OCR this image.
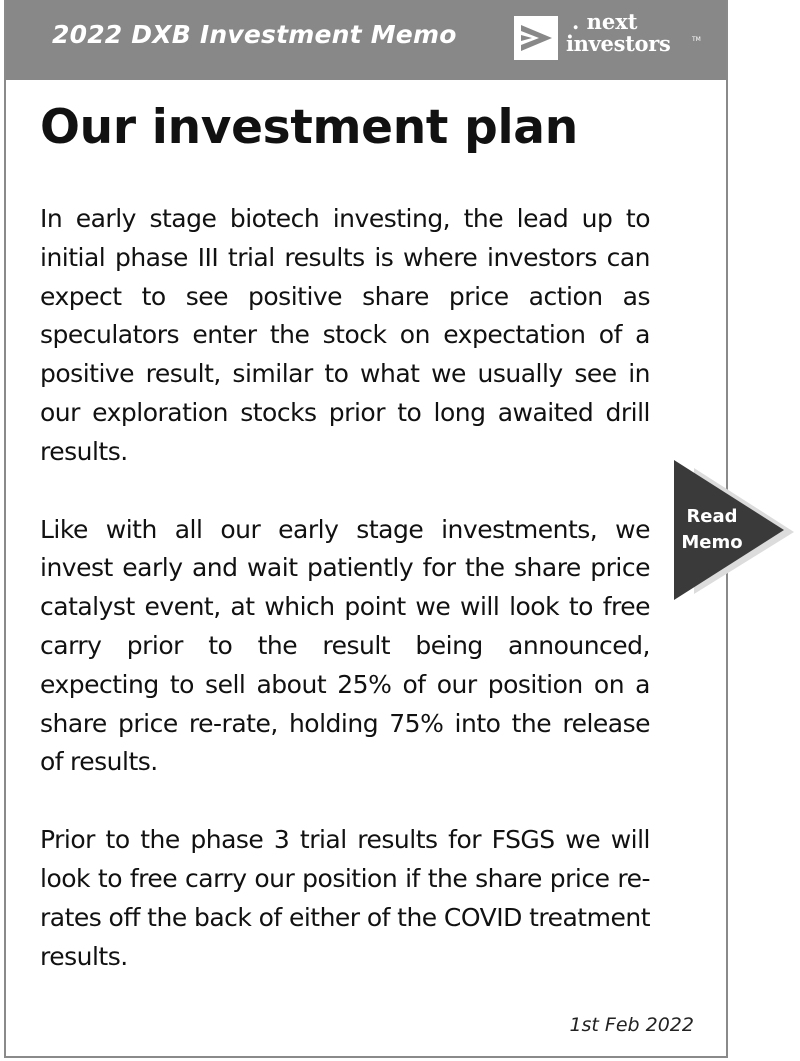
2022 DXB Investment Memo	. next
investors	TM
Our investment plan

In early stage biotech investing, the lead up to initial phase III trial results is where investors can expect to see positive share price action as speculators enter the stock on expectation of a positive result, similar to what we usually see in our exploration stocks prior to long awaited drill results.

Like with all our early stage investments, we invest early and wait patiently for the share price catalyst event, at which point we will look to free carry prior to the result being announced, expecting to sell about 25% of our position on a share price re-rate, holding 75% into the release of results.

Prior to the phase 3 trial results for FSGS we will look to free carry our position if the share price re-rates off the back of either of the COVID treatment results.

1st Feb 2022
Read
Memo
